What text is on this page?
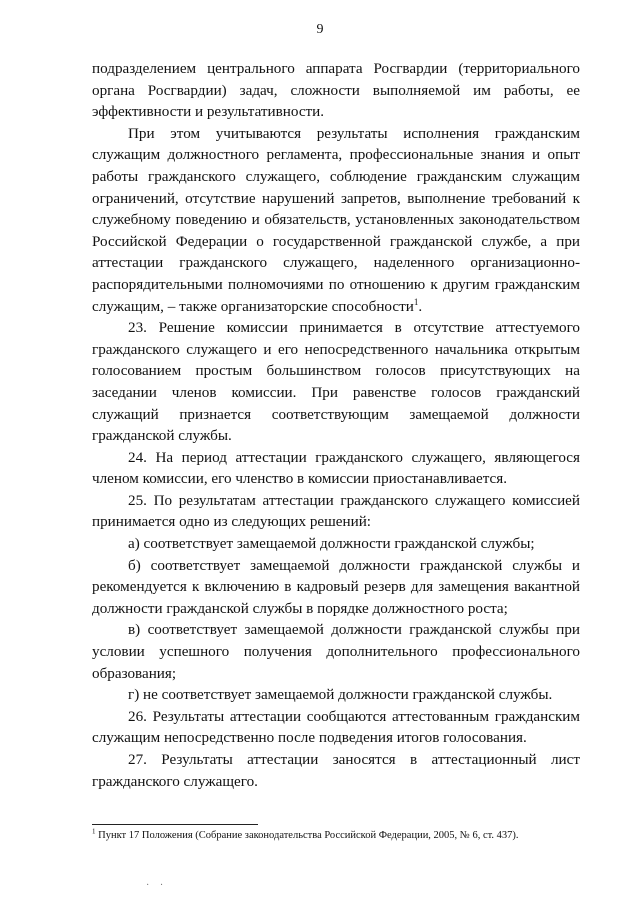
9

подразделением центрального аппарата Росгвардии (территориального органа Росгвардии) задач, сложности выполняемой им работы, ее эффективности и результативности.

При этом учитываются результаты исполнения гражданским служащим должностного регламента, профессиональные знания и опыт работы гражданского служащего, соблюдение гражданским служащим ограничений, отсутствие нарушений запретов, выполнение требований к служебному поведению и обязательств, установленных законодательством Российской Федерации о государственной гражданской службе, а при аттестации гражданского служащего, наделенного организационно-распорядительными полномочиями по отношению к другим гражданским служащим, – также организаторские способности$^1$.

23. Решение комиссии принимается в отсутствие аттестуемого гражданского служащего и его непосредственного начальника открытым голосованием простым большинством голосов присутствующих на заседании членов комиссии. При равенстве голосов гражданский служащий признается соответствующим замещаемой должности гражданской службы.

24. На период аттестации гражданского служащего, являющегося членом комиссии, его членство в комиссии приостанавливается.

25. По результатам аттестации гражданского служащего комиссией принимается одно из следующих решений:

а) соответствует замещаемой должности гражданской службы;

б) соответствует замещаемой должности гражданской службы и рекомендуется к включению в кадровый резерв для замещения вакантной должности гражданской службы в порядке должностного роста;

в) соответствует замещаемой должности гражданской службы при условии успешного получения дополнительного профессионального образования;

г) не соответствует замещаемой должности гражданской службы.

26. Результаты аттестации сообщаются аттестованным гражданским служащим непосредственно после подведения итогов голосования.

27. Результаты аттестации заносятся в аттестационный лист гражданского служащего.

$^1$ Пункт 17 Положения (Собрание законодательства Российской Федерации, 2005, № 6, ст. 437).
· ·
